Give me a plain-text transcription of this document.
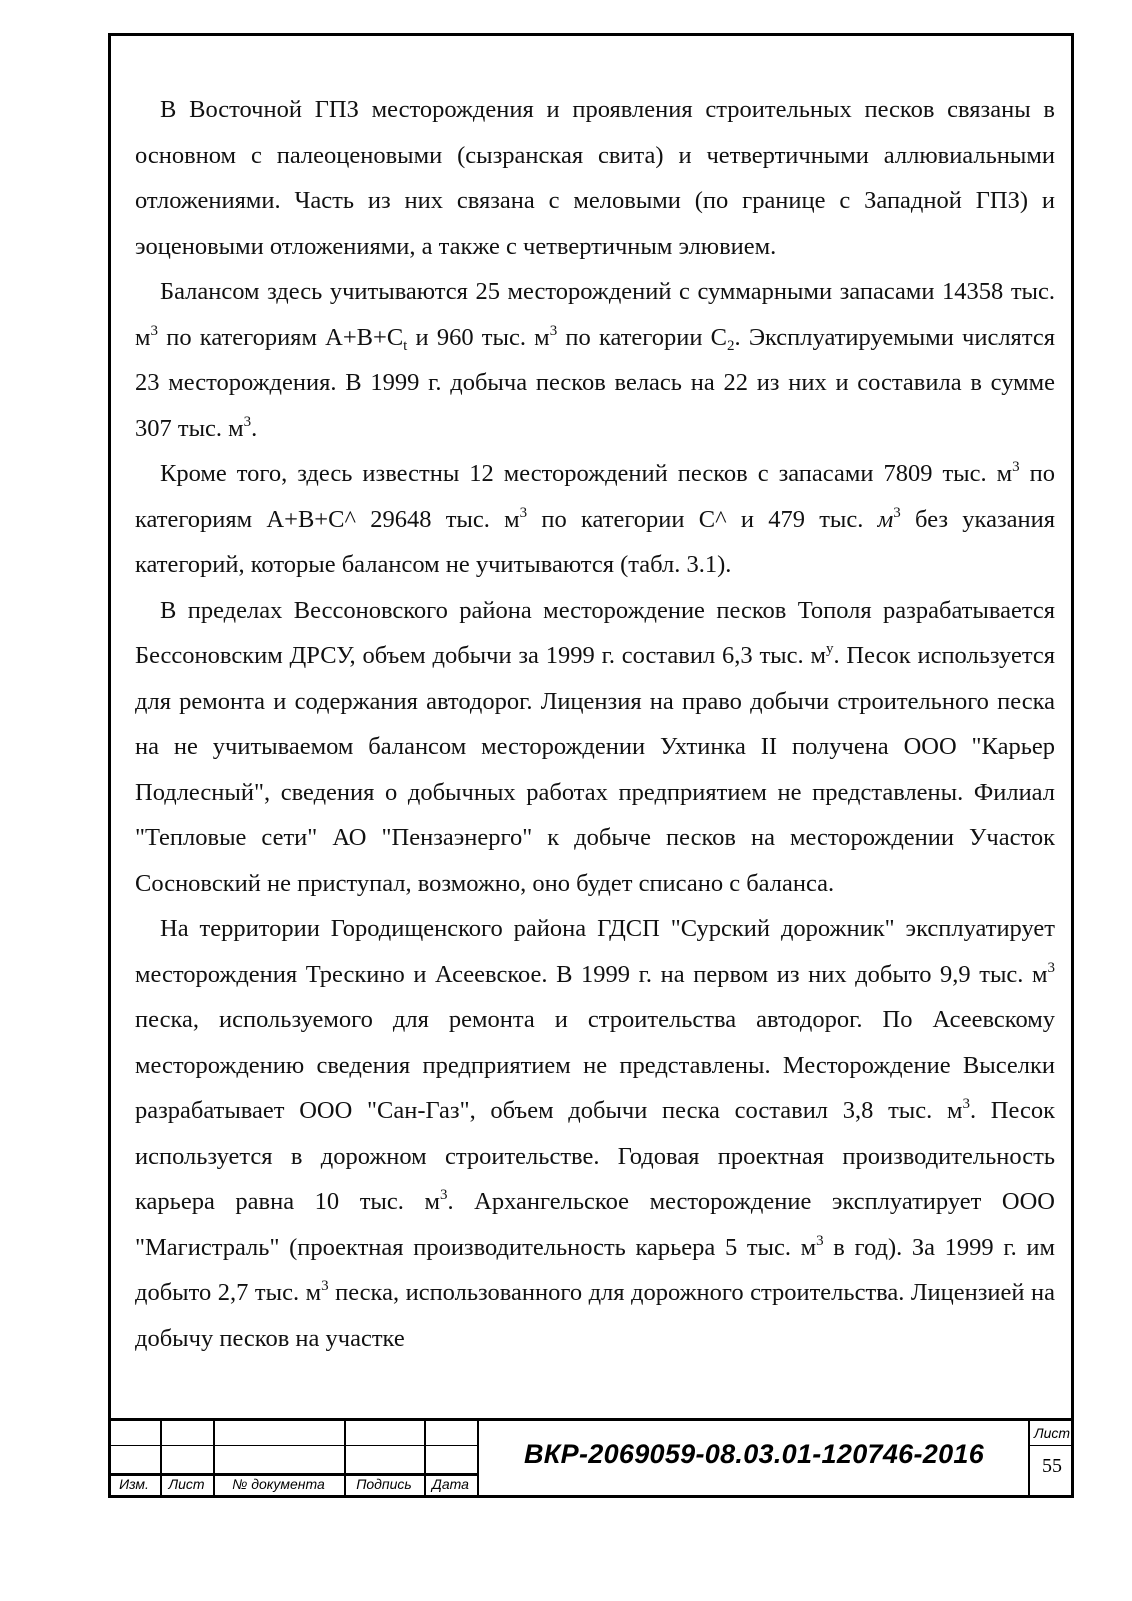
В Восточной ГПЗ месторождения и проявления строительных песков связаны в основном с палеоценовыми (сызранская свита) и четвертичными аллювиальными отложениями. Часть из них связана с меловыми (по границе с Западной ГПЗ) и эоценовыми отложениями, а также с четвертичным элювием.

Балансом здесь учитываются 25 месторождений с суммарными запасами 14358 тыс. $м^3$ по категориям $А+В+С_t$ и 960 тыс. $м^3$ по категории $С_2$. Эксплуатируемыми числятся 23 месторождения. В 1999 г. добыча песков велась на 22 из них и составила в сумме 307 тыс. $м^3$.

Кроме того, здесь известны 12 месторождений песков с запасами 7809 тыс. $м^3$ по категориям А+В+С^ 29648 тыс. $м^3$ по категории С^ и 479 тыс. $м^3$ без указания категорий, которые балансом не учитываются (табл. 3.1).

В пределах Вессоновского района месторождение песков Тополя разрабатывается Бессоновским ДРСУ, объем добычи за 1999 г. составил 6,3 тыс. $м^у$. Песок используется для ремонта и содержания автодорог. Лицензия на право добычи строительного песка на не учитываемом балансом месторождении Ухтинка II получена ООО "Карьер Подлесный", сведения о добычных работах предприятием не представлены. Филиал "Тепловые сети" АО "Пензаэнерго" к добыче песков на месторождении Участок Сосновский не приступал, возможно, оно будет списано с баланса.

На территории Городищенского района ГДСП "Сурский дорожник" эксплуатирует месторождения Трескино и Асеевское. В 1999 г. на первом из них добыто 9,9 тыс. $м^3$ песка, используемого для ремонта и строительства автодорог. По Асеевскому месторождению сведения предприятием не представлены. Месторождение Выселки разрабатывает ООО "Сан-Газ", объем добычи песка составил 3,8 тыс. $м^3$. Песок используется в дорожном строительстве. Годовая проектная производительность карьера равна 10 тыс. $м^3$. Архангельское месторождение эксплуатирует ООО "Магистраль" (проектная производительность карьера 5 тыс. $м^3$ в год). За 1999 г. им добыто 2,7 тыс. $м^3$ песка, использованного для дорожного строительства. Лицензией на добычу песков на участке

Изм.	Лист	№ документа	Подпись	Дата
ВКР-2069059-08.03.01-120746-2016
Лист
55
